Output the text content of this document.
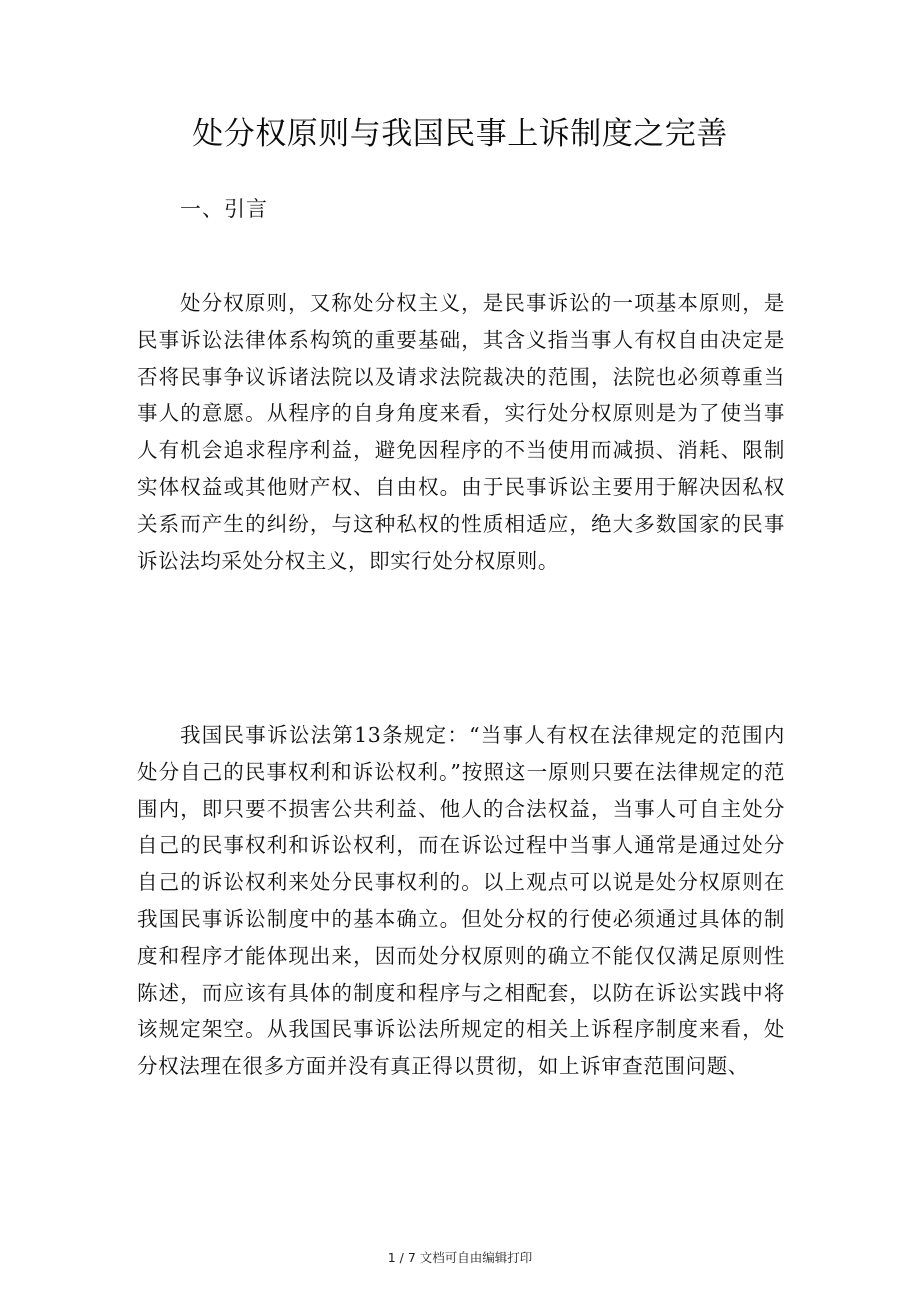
处分权原则与我国民事上诉制度之完善
一、引言

处分权原则，又称处分权主义，是民事诉讼的一项基本原则，是民事诉讼法律体系构筑的重要基础，其含义指当事人有权自由决定是否将民事争议诉诸法院以及请求法院裁决的范围，法院也必须尊重当事人的意愿。从程序的自身角度来看，实行处分权原则是为了使当事人有机会追求程序利益，避免因程序的不当使用而减损、消耗、限制实体权益或其他财产权、自由权。由于民事诉讼主要用于解决因私权关系而产生的纠纷，与这种私权的性质相适应，绝大多数国家的民事诉讼法均采处分权主义，即实行处分权原则。

我国民事诉讼法第13条规定：“当事人有权在法律规定的范围内处分自己的民事权利和诉讼权利。”按照这一原则只要在法律规定的范围内，即只要不损害公共利益、他人的合法权益，当事人可自主处分自己的民事权利和诉讼权利，而在诉讼过程中当事人通常是通过处分自己的诉讼权利来处分民事权利的。以上观点可以说是处分权原则在我国民事诉讼制度中的基本确立。但处分权的行使必须通过具体的制度和程序才能体现出来，因而处分权原则的确立不能仅仅满足原则性陈述，而应该有具体的制度和程序与之相配套，以防在诉讼实践中将该规定架空。从我国民事诉讼法所规定的相关上诉程序制度来看，处分权法理在很多方面并没有真正得以贯彻，如上诉审查范围问题、

1 / 7 文档可自由编辑打印
